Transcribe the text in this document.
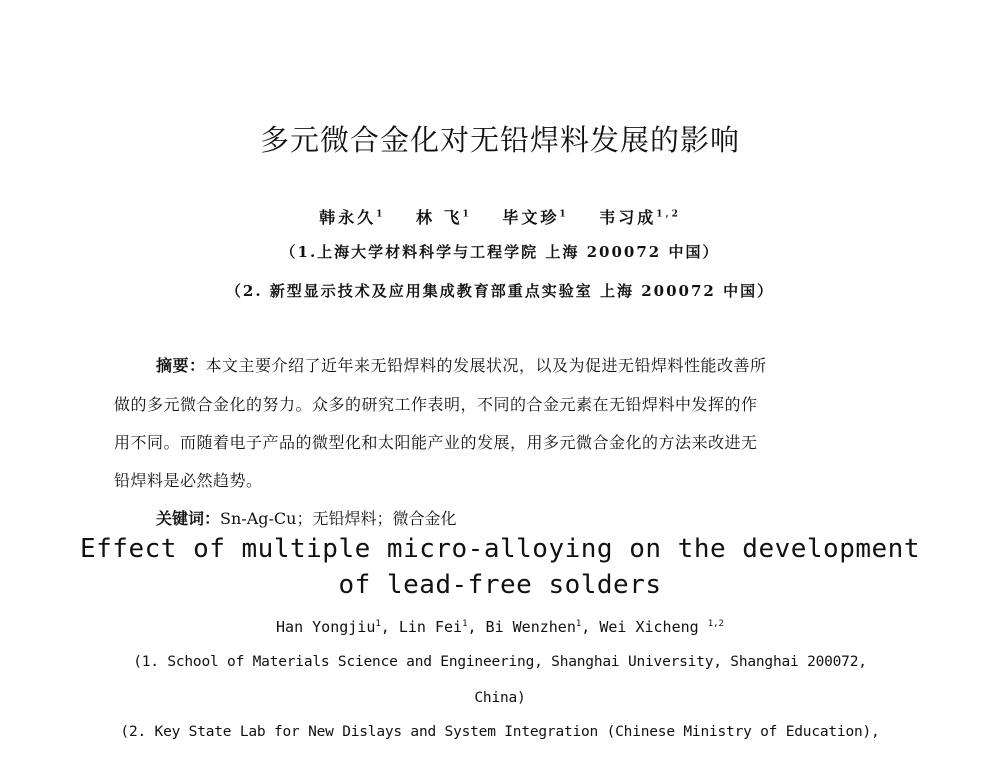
多元微合金化对无铅焊料发展的影响
韩永久$^1$ 林 飞$^1$ 毕文珍$^1$ 韦习成$^{1,2}$
（1.上海大学材料科学与工程学院 上海 200072 中国）
（2. 新型显示技术及应用集成教育部重点实验室 上海 200072 中国）
摘要：本文主要介绍了近年来无铅焊料的发展状况，以及为促进无铅焊料性能改善所
做的多元微合金化的努力。众多的研究工作表明，不同的合金元素在无铅焊料中发挥的作
用不同。而随着电子产品的微型化和太阳能产业的发展，用多元微合金化的方法来改进无
铅焊料是必然趋势。
关键词：Sn-Ag-Cu；无铅焊料；微合金化
Effect of multiple micro-alloying on the development
of lead-free solders
Han Yongjiu$^1$, Lin Fei$^1$, Bi Wenzhen$^1$, Wei Xicheng $^{1,2}$
(1. School of Materials Science and Engineering, Shanghai University, Shanghai 200072,
China)
(2. Key State Lab for New Dislays and System Integration (Chinese Ministry of Education),
